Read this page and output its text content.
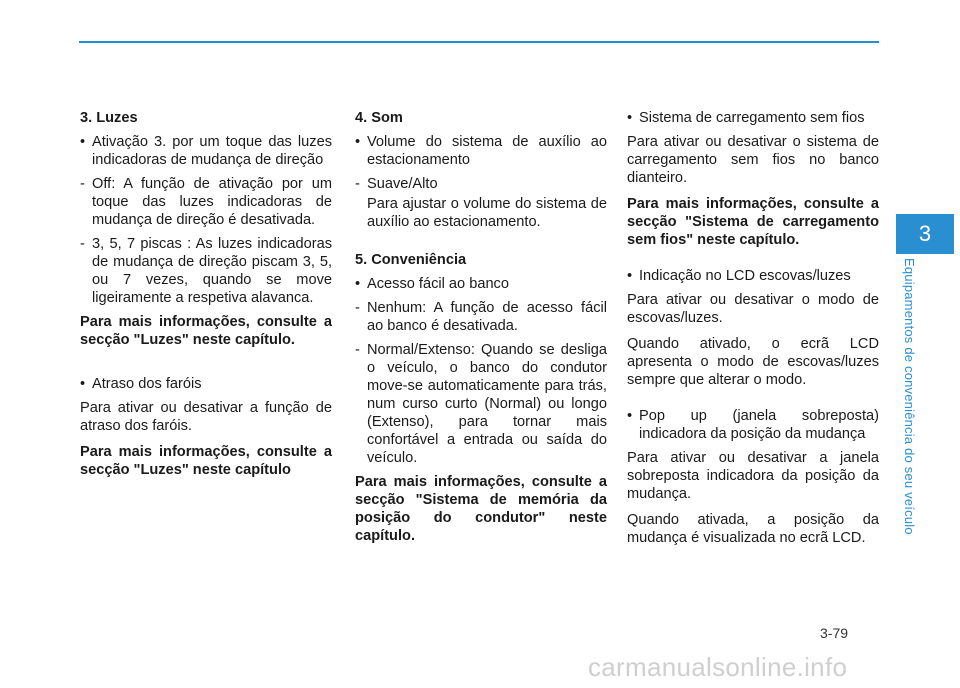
3. Luzes

• Ativação 3. por um toque das luzes indicadoras de mudança de direção
- Off: A função de ativação por um toque das luzes indicadoras de mudança de direção é desativada.
- 3, 5, 7 piscas : As luzes indicadoras de mudança de direção piscam 3, 5, ou 7 vezes, quando se move ligeiramente a respetiva alavanca.

Para mais informações, consulte a secção "Luzes" neste capítulo.

• Atraso dos faróis

Para ativar ou desativar a função de atraso dos faróis.

Para mais informações, consulte a secção "Luzes" neste capítulo

4. Som

• Volume do sistema de auxílio ao estacionamento
- Suave/Alto

Para ajustar o volume do sistema de auxílio ao estacionamento.

5. Conveniência

• Acesso fácil ao banco
- Nenhum: A função de acesso fácil ao banco é desativada.
- Normal/Extenso: Quando se desliga o veículo, o banco do condutor move-se automaticamente para trás, num curso curto (Normal) ou longo (Extenso), para tornar mais confortável a entrada ou saída do veículo.

Para mais informações, consulte a secção "Sistema de memória da posição do condutor" neste capítulo.

• Sistema de carregamento sem fios

Para ativar ou desativar o sistema de carregamento sem fios no banco dianteiro.

Para mais informações, consulte a secção "Sistema de carregamento sem fios" neste capítulo.

• Indicação no LCD escovas/luzes

Para ativar ou desativar o modo de escovas/luzes.

Quando ativado, o ecrã LCD apresenta o modo de escovas/luzes sempre que alterar o modo.

• Pop up (janela sobreposta) indicadora da posição da mudança

Para ativar ou desativar a janela sobreposta indicadora da posição da mudança.

Quando ativada, a posição da mudança é visualizada no ecrã LCD.

3
Equipamentos de conveniência do seu veículo
3-79
carmanualsonline.info
